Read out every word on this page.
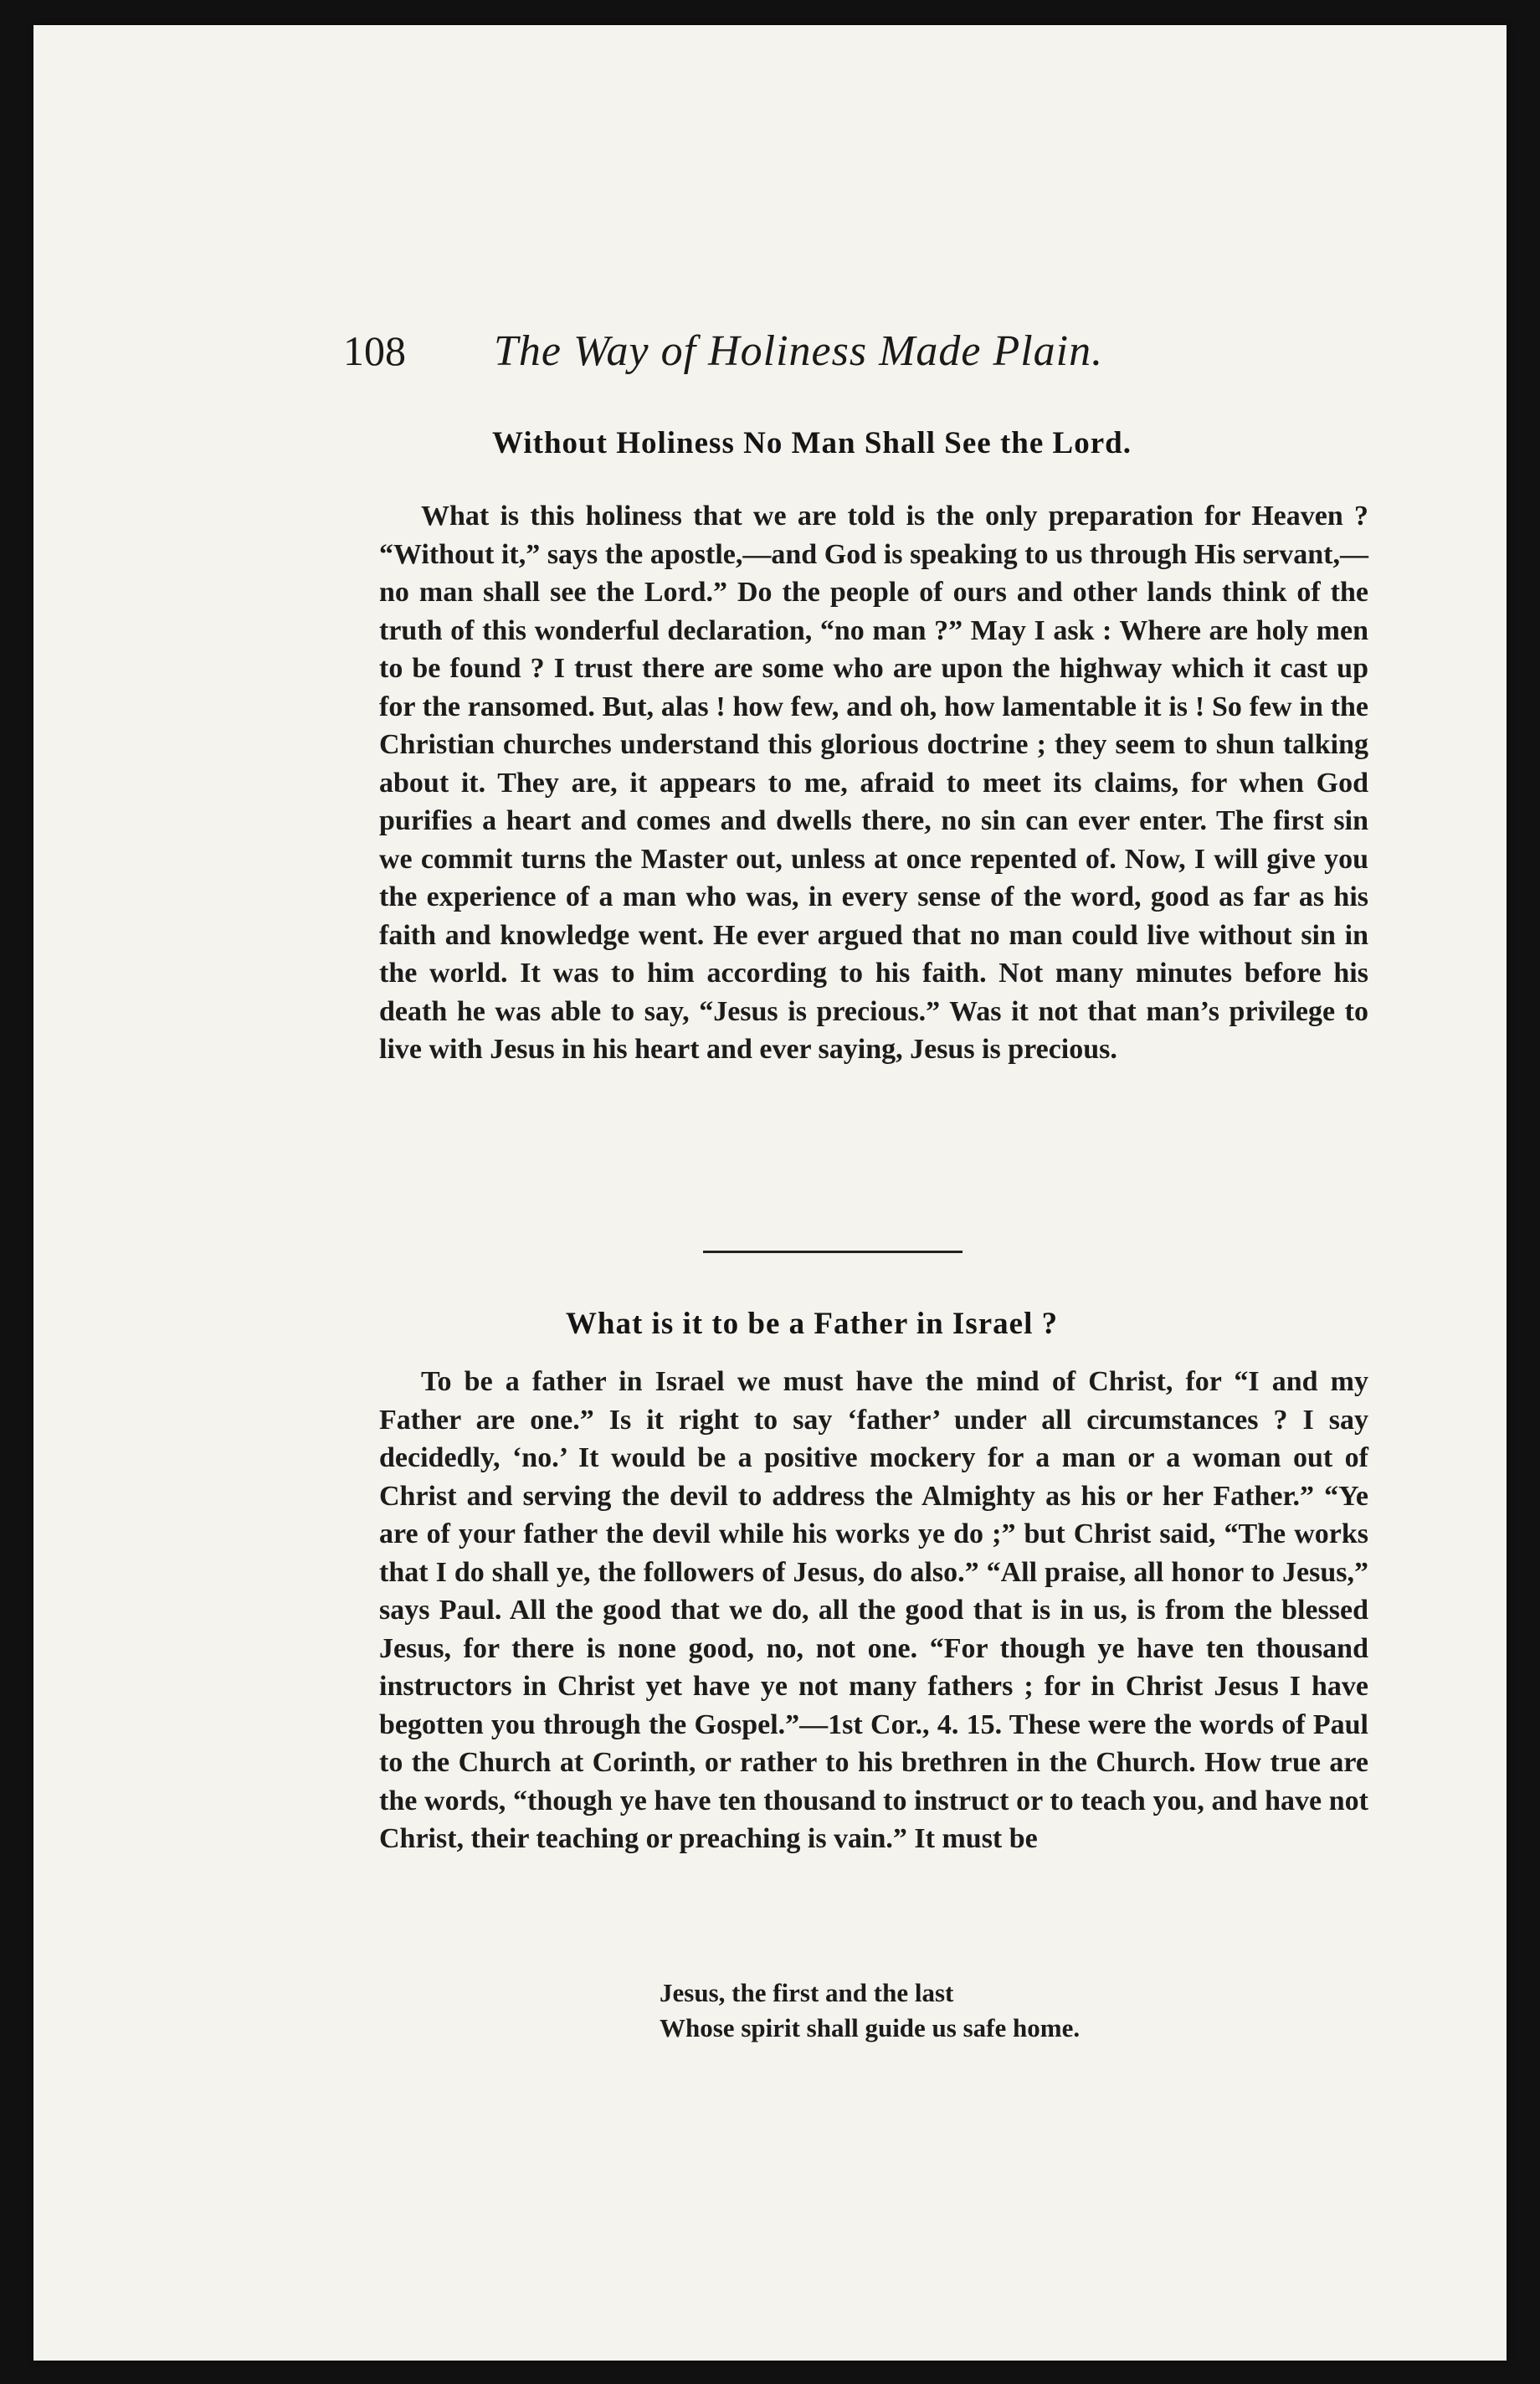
108	The Way of Holiness Made Plain.
Without Holiness No Man Shall See the Lord.

What is this holiness that we are told is the only preparation for Heaven ? “Without it,” says the apostle,—and God is speaking to us through His servant,—no man shall see the Lord.” Do the people of ours and other lands think of the truth of this wonderful declaration, “no man ?” May I ask : Where are holy men to be found ? I trust there are some who are upon the highway which it cast up for the ransomed. But, alas ! how few, and oh, how lamentable it is ! So few in the Christian churches understand this glorious doctrine ; they seem to shun talking about it. They are, it appears to me, afraid to meet its claims, for when God purifies a heart and comes and dwells there, no sin can ever enter. The first sin we commit turns the Master out, unless at once repented of. Now, I will give you the experience of a man who was, in every sense of the word, good as far as his faith and knowledge went. He ever argued that no man could live without sin in the world. It was to him according to his faith. Not many minutes before his death he was able to say, “Jesus is precious.” Was it not that man’s privilege to live with Jesus in his heart and ever saying, Jesus is precious.

What is it to be a Father in Israel ?

To be a father in Israel we must have the mind of Christ, for “I and my Father are one.” Is it right to say ‘father’ under all circumstances ? I say decidedly, ‘no.’ It would be a positive mockery for a man or a woman out of Christ and serving the devil to address the Almighty as his or her Father.” “Ye are of your father the devil while his works ye do ;” but Christ said, “The works that I do shall ye, the followers of Jesus, do also.” “All praise, all honor to Jesus,” says Paul. All the good that we do, all the good that is in us, is from the blessed Jesus, for there is none good, no, not one. “For though ye have ten thousand instructors in Christ yet have ye not many fathers ; for in Christ Jesus I have begotten you through the Gospel.”—1st Cor., 4. 15. These were the words of Paul to the Church at Corinth, or rather to his brethren in the Church. How true are the words, “though ye have ten thousand to instruct or to teach you, and have not Christ, their teaching or preaching is vain.” It must be

Jesus, the first and the last
Whose spirit shall guide us safe home.
